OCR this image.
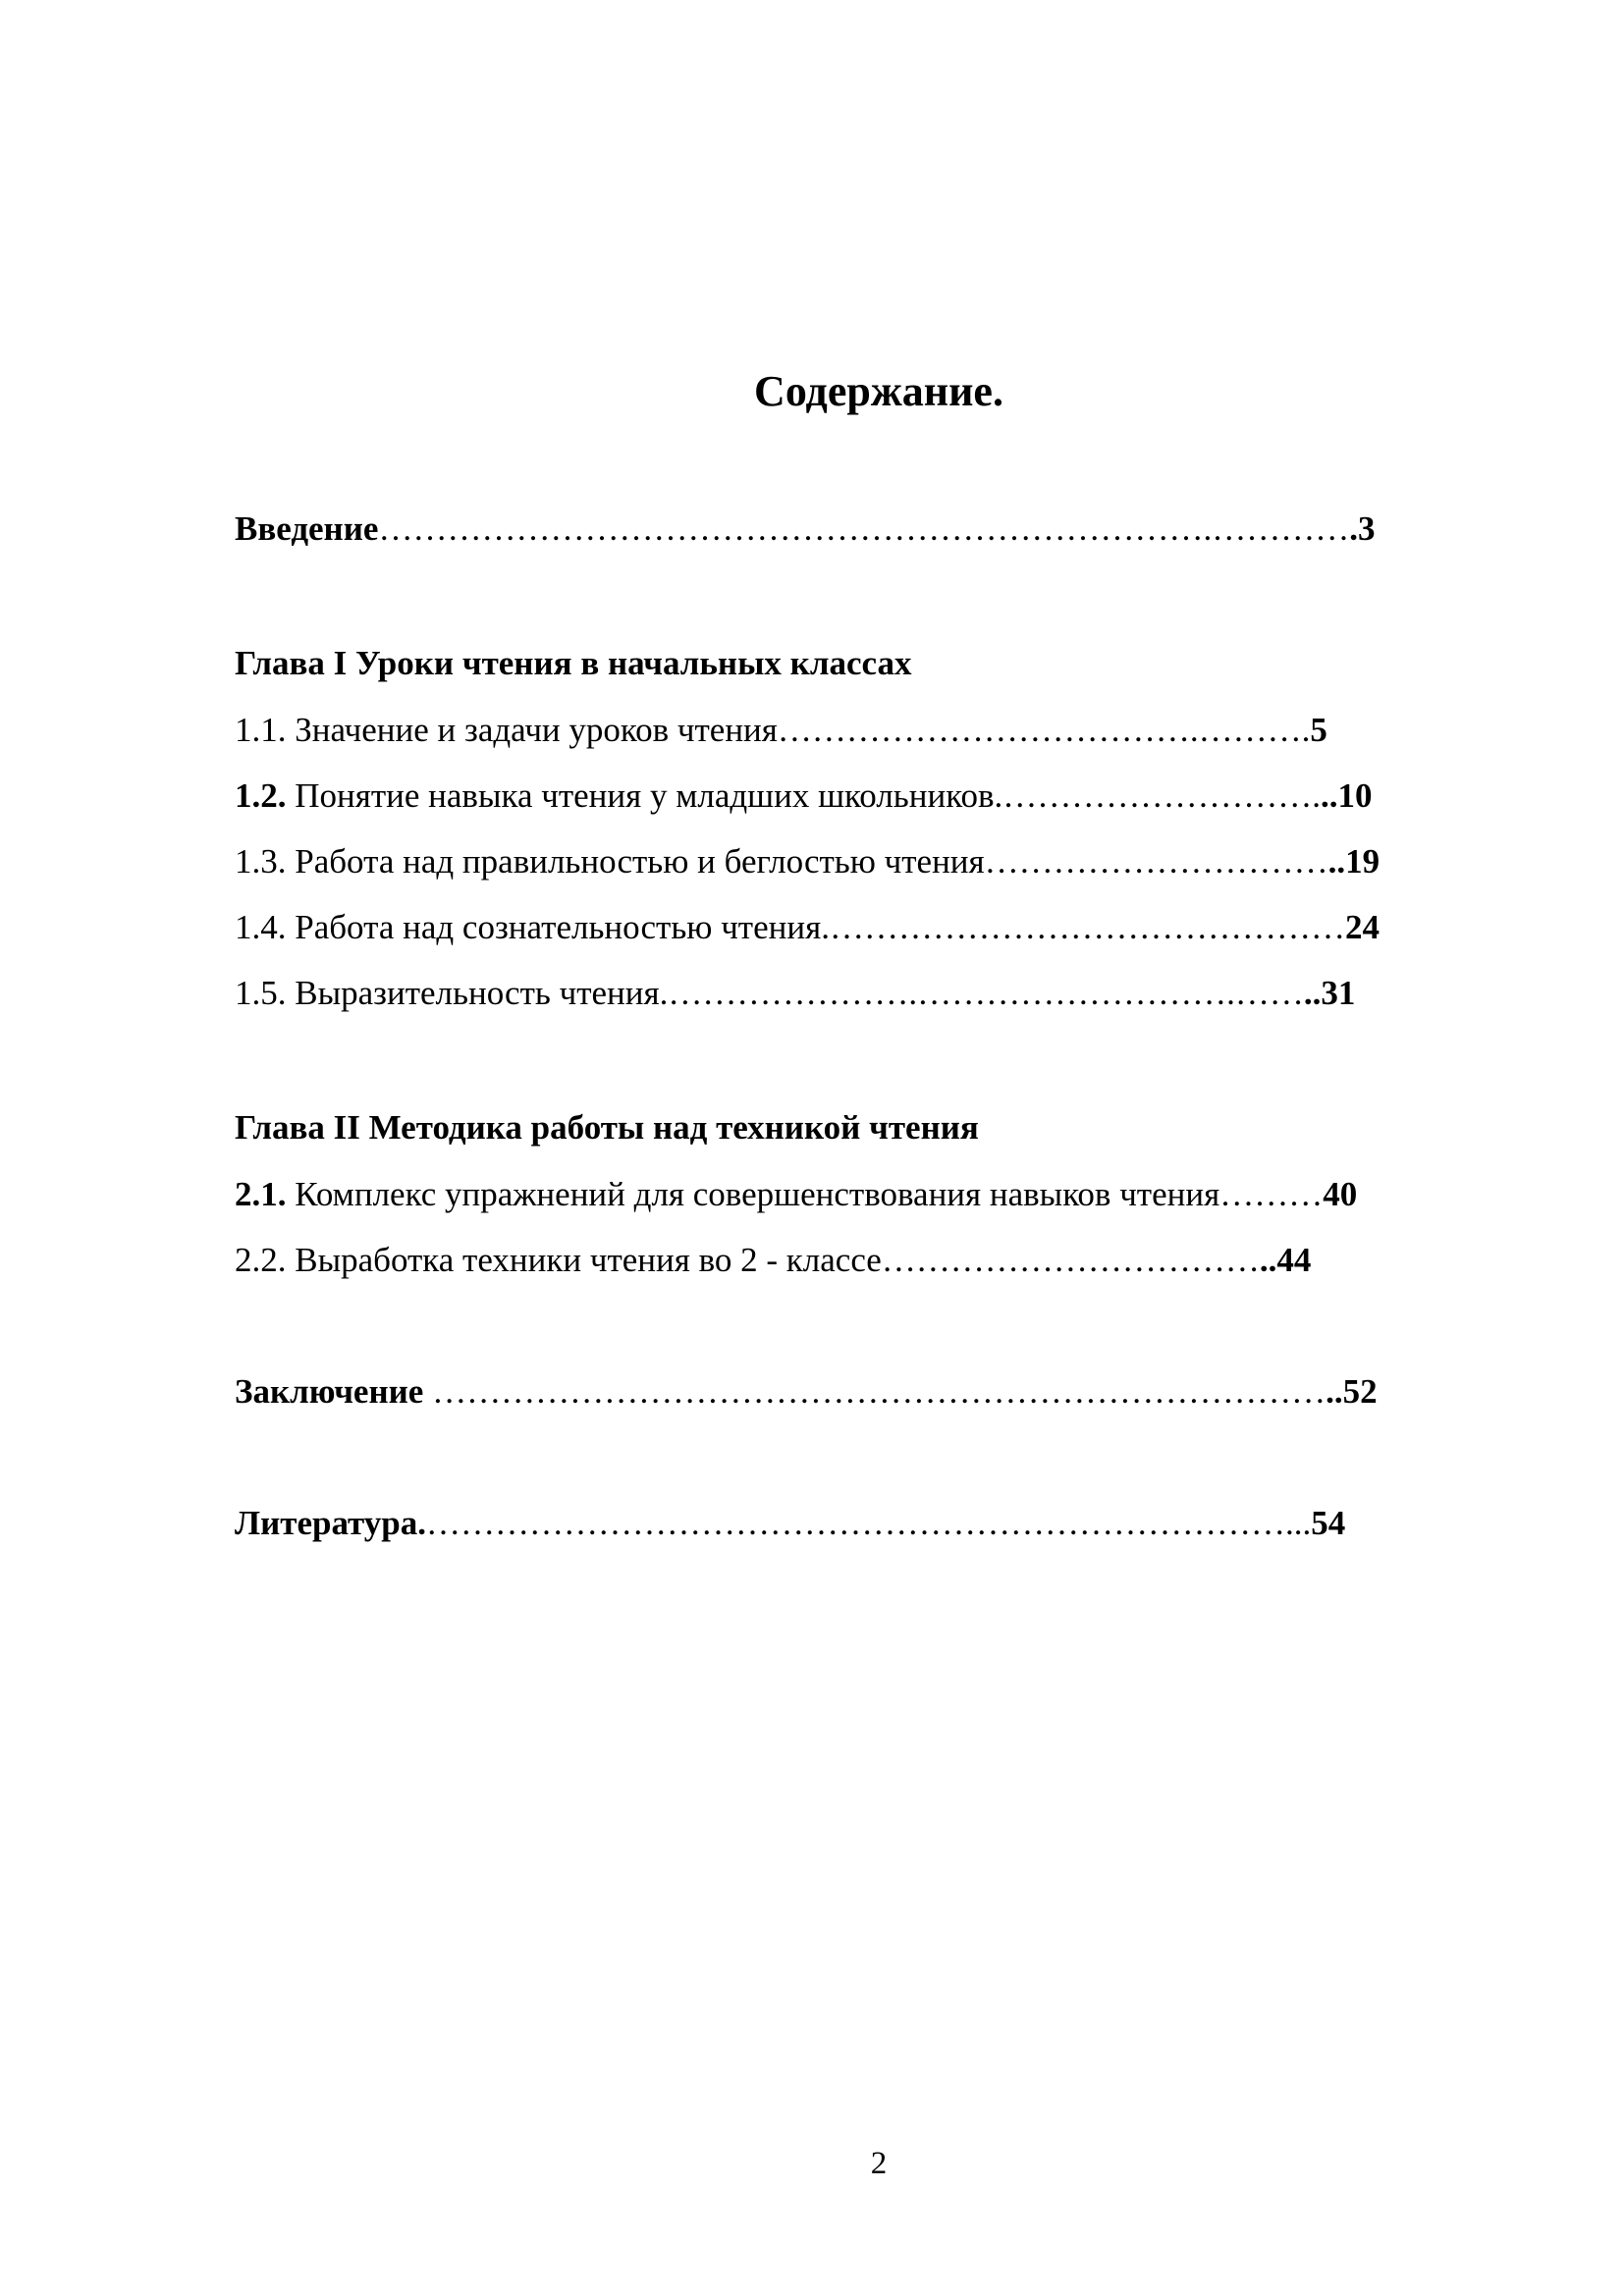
Содержание.
Введение……………………………………………………………….………….3
Глава I Уроки чтения в начальных классах
1.1. Значение и задачи уроков чтения……………………………….……….5
1.2. Понятие навыка чтения у младших школьников.………………………...10
1.3. Работа над правильностью и беглостью чтения…………………………..19
1.4. Работа над сознательностью чтения.………………………………………24
1.5. Выразительность чтения.………………….……………………….……..31
Глава II Методика работы над техникой чтения
2.1. Комплекс упражнений для совершенствования навыков чтения………40
2.2. Выработка техники чтения во 2 - классе……………………………..44
Заключение ……………………………………………………………………..52
Литература.…………………………………………………………………...54
2
